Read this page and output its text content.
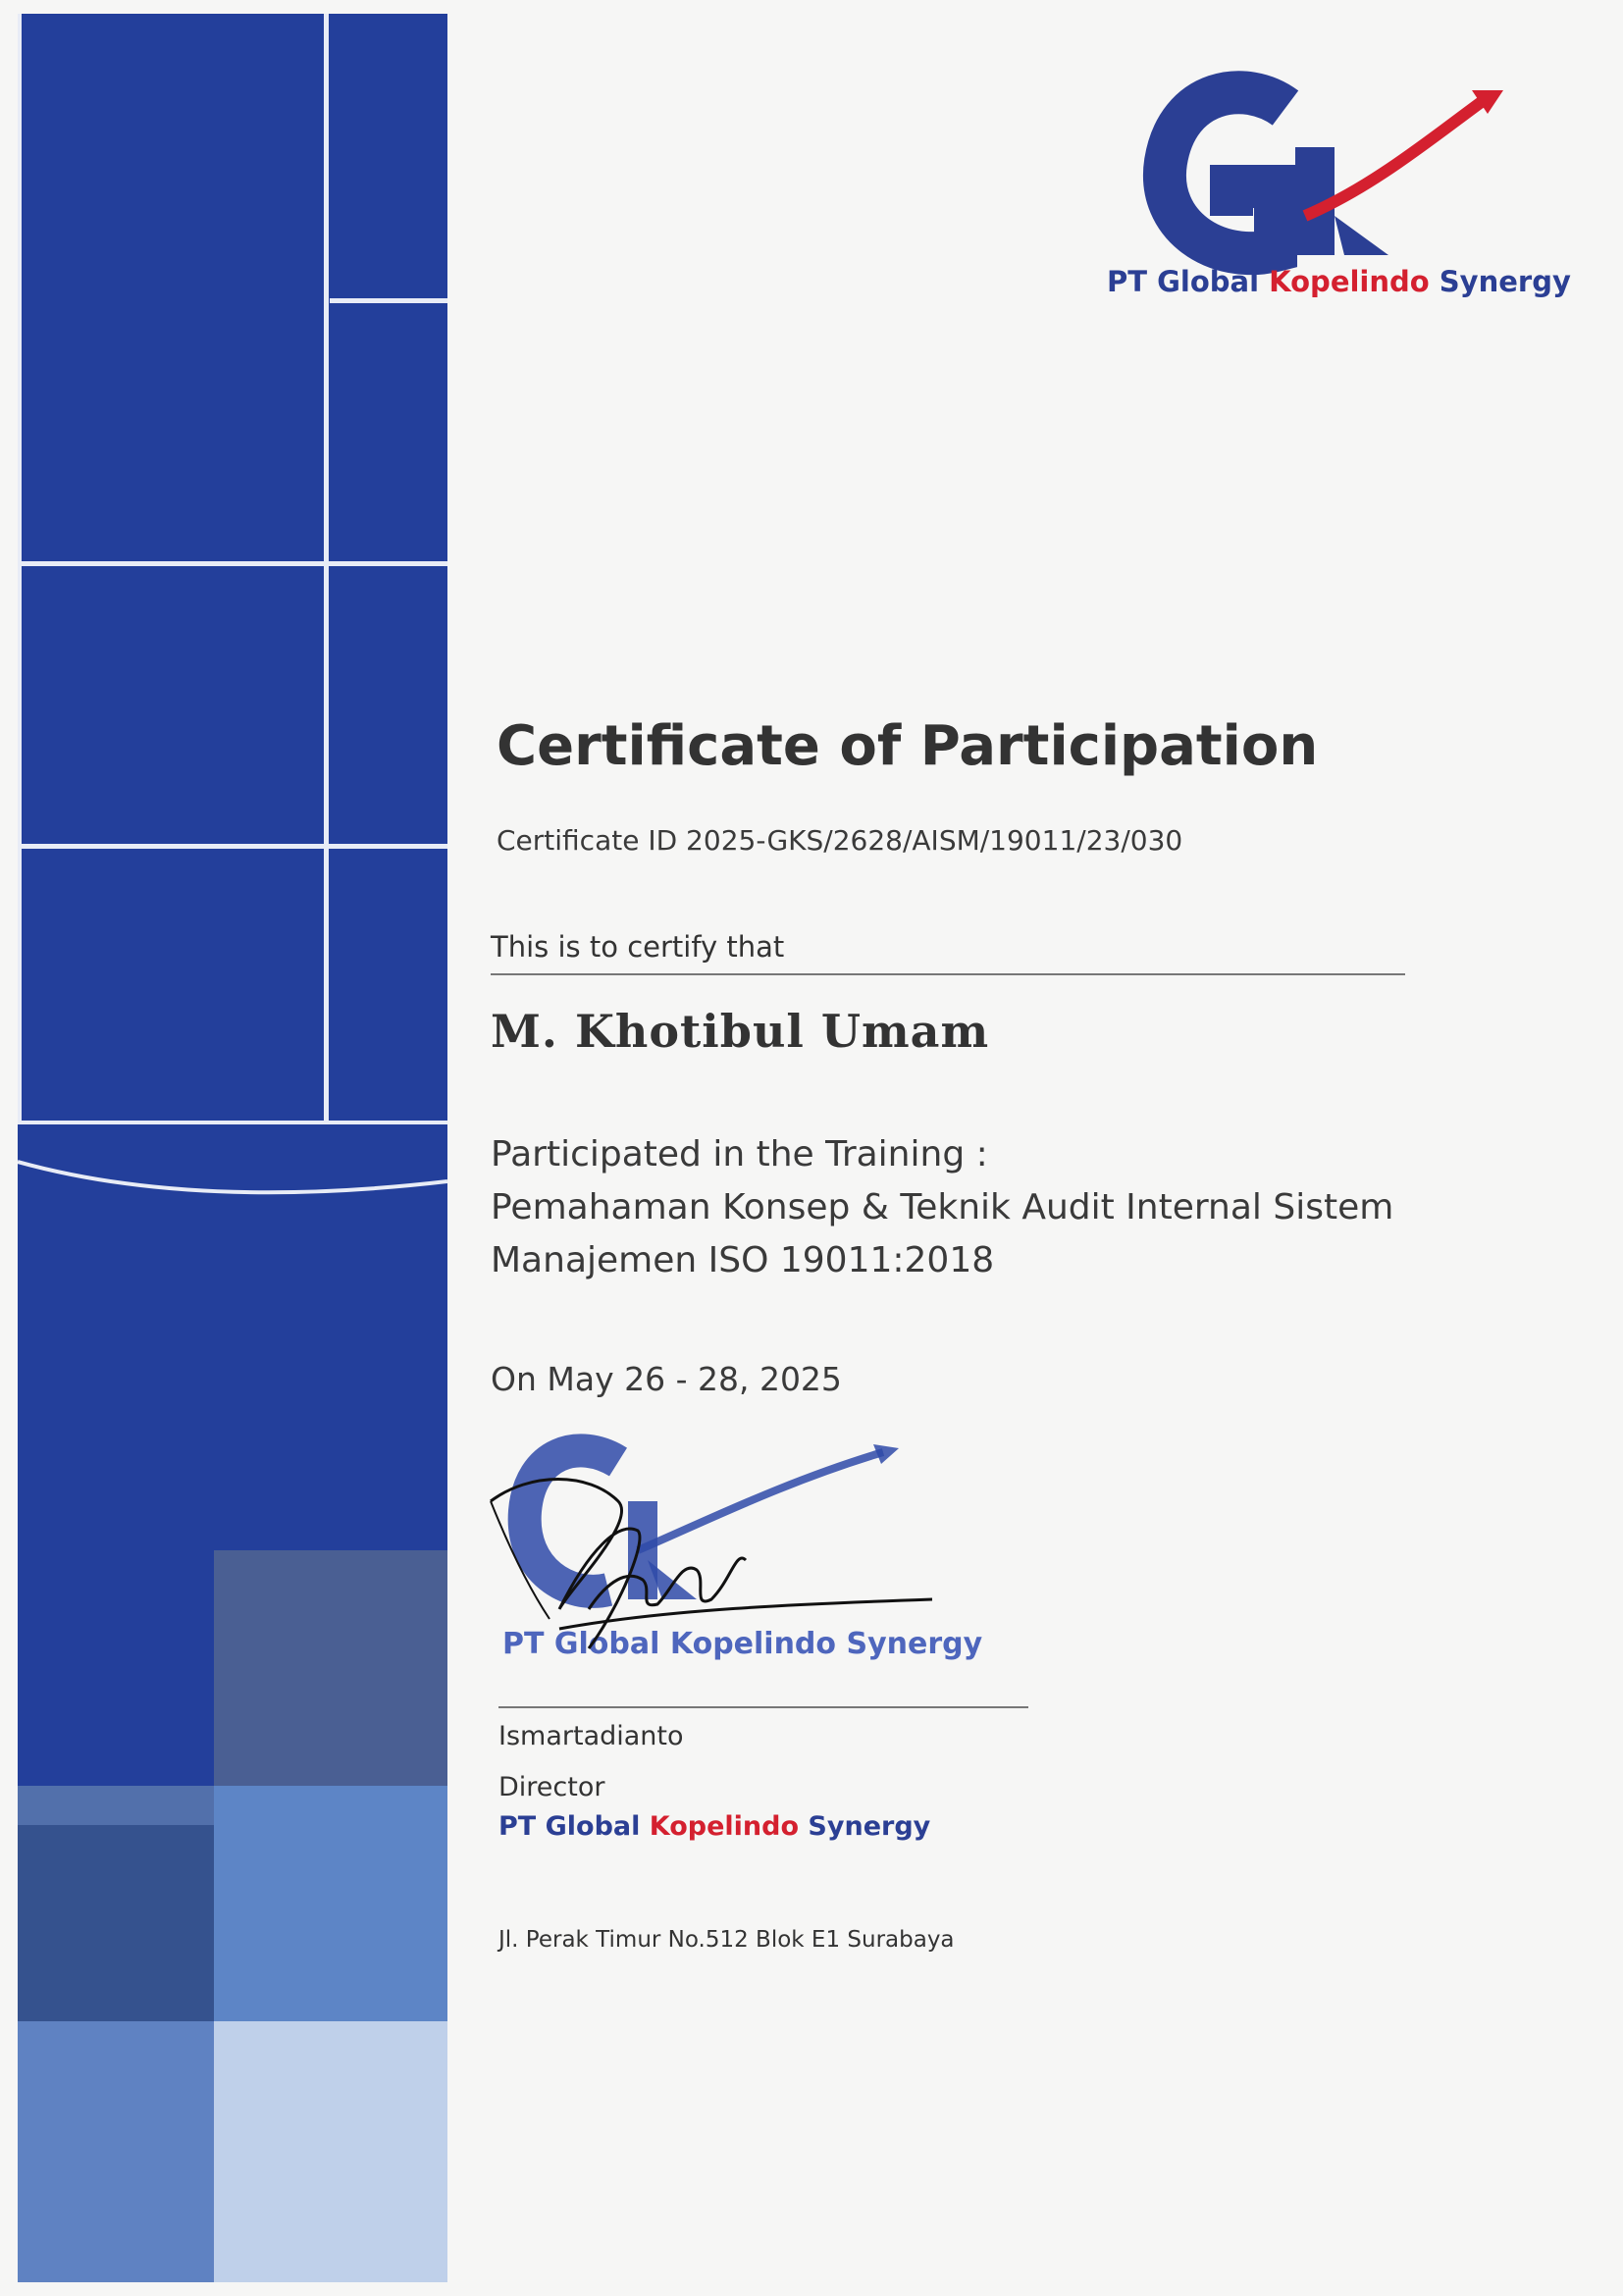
PT Global Kopelindo Synergy
Certificate of Participation
Certificate ID 2025-GKS/2628/AISM/19011/23/030
This is to certify that
M. Khotibul Umam
Participated in the Training :
Pemahaman Konsep & Teknik Audit Internal Sistem
Manajemen ISO 19011:2018
On May 26 - 28, 2025
PT Global Kopelindo Synergy
Ismartadianto
Director
PT Global Kopelindo Synergy
Jl. Perak Timur No.512 Blok E1 Surabaya
